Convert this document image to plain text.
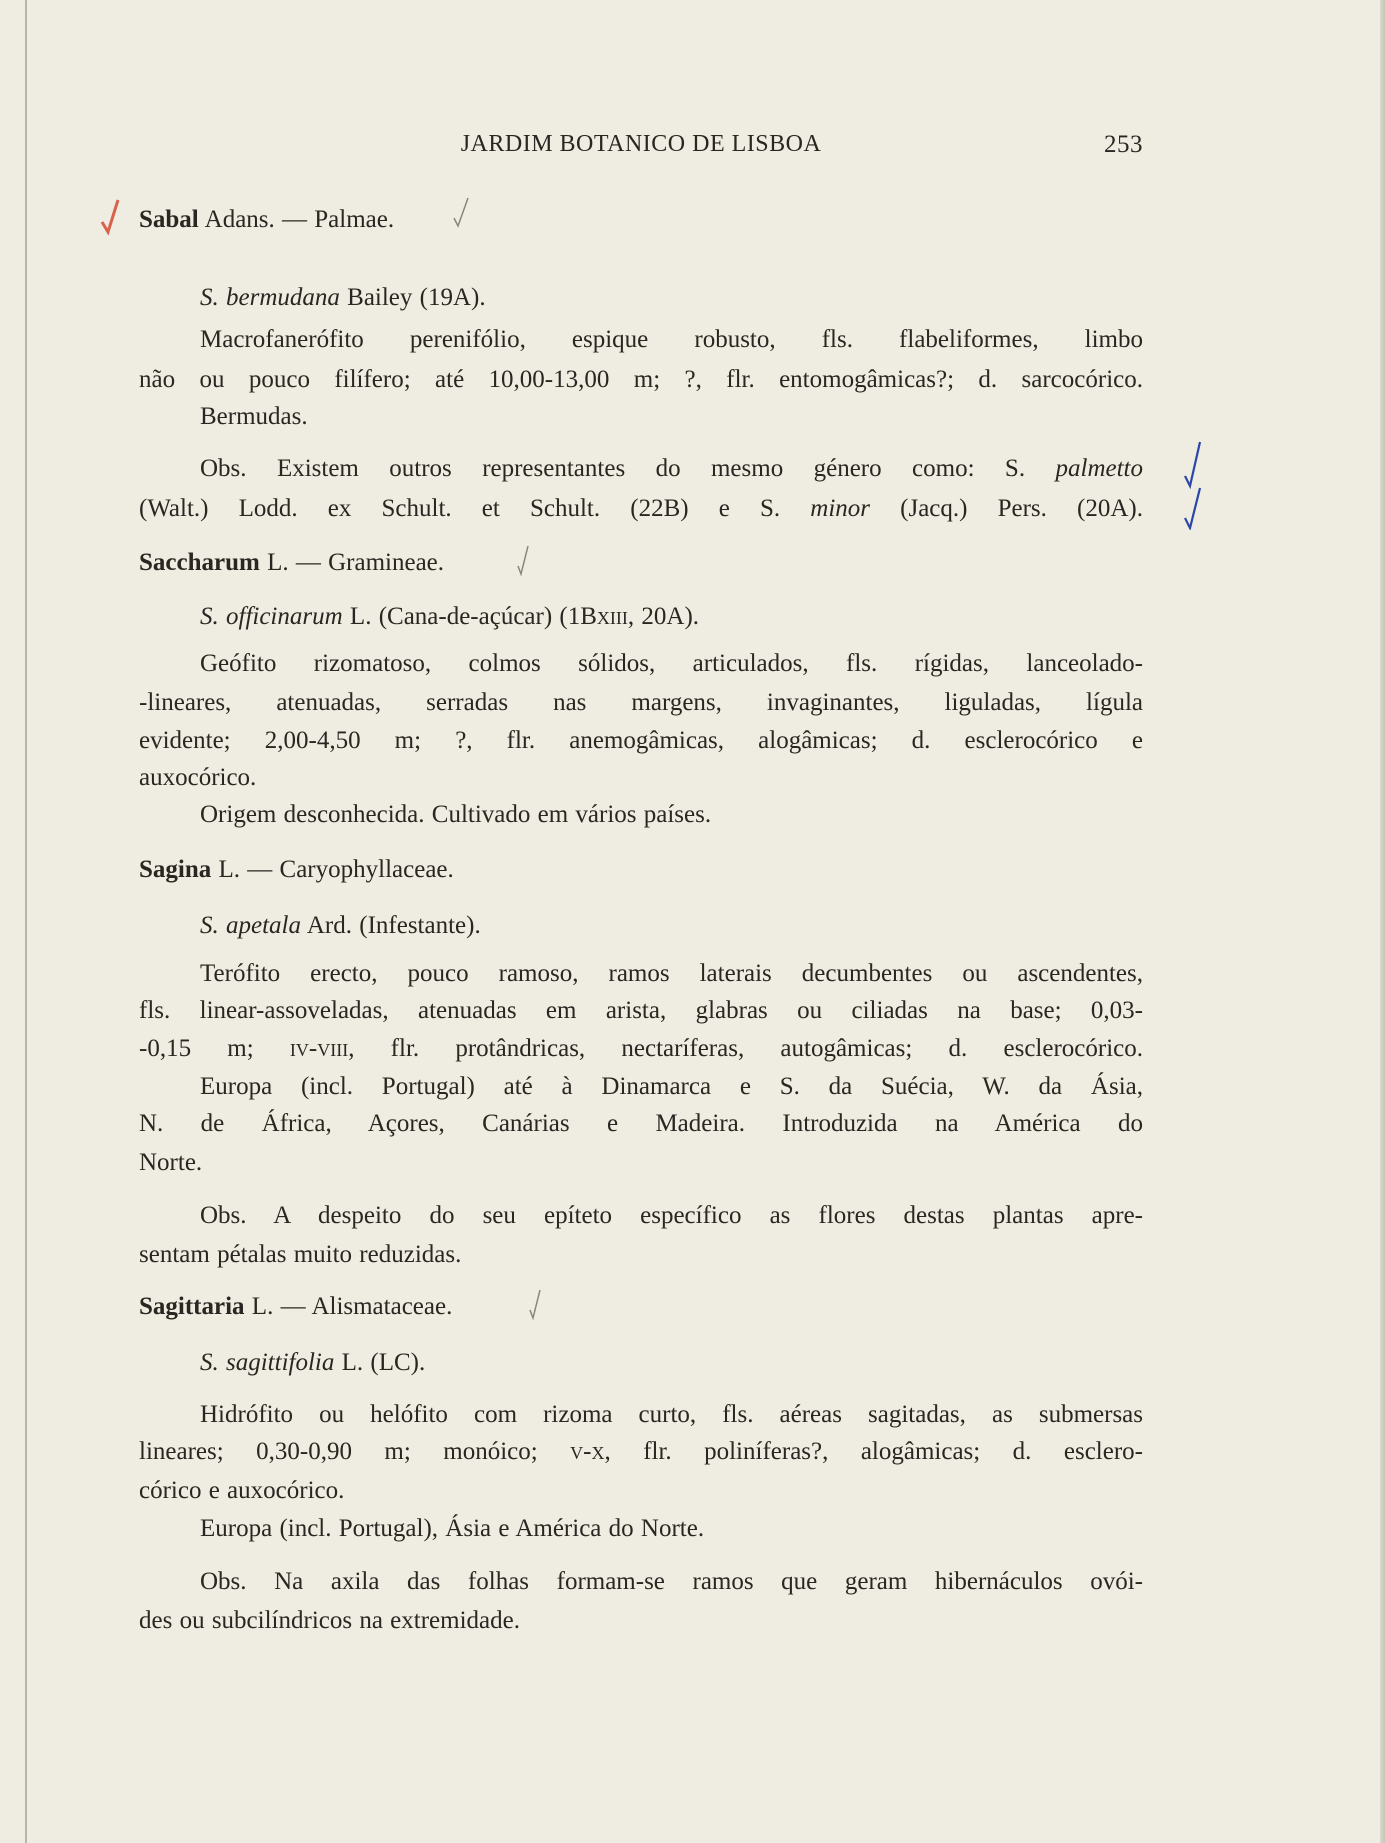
JARDIM BOTANICO DE LISBOA	253
Sabal Adans. — Palmae.
S. bermudana Bailey (19A).
Macrofanerófito perenifólio, espique robusto, fls. flabeliformes, limbo
não ou pouco filífero; até 10,00-13,00 m; ?, flr. entomogâmicas?; d. sarcocórico.
Bermudas.
Obs. Existem outros representantes do mesmo género como: S. palmetto
(Walt.) Lodd. ex Schult. et Schult. (22B) e S. minor (Jacq.) Pers. (20A).
Saccharum L. — Gramineae.
S. officinarum L. (Cana-de-açúcar) (1Bxiii, 20A).
Geófito rizomatoso, colmos sólidos, articulados, fls. rígidas, lanceolado-
-lineares, atenuadas, serradas nas margens, invaginantes, liguladas, lígula
evidente; 2,00-4,50 m; ?, flr. anemogâmicas, alogâmicas; d. esclerocórico e
auxocórico.
Origem desconhecida. Cultivado em vários países.
Sagina L. — Caryophyllaceae.
S. apetala Ard. (Infestante).
Terófito erecto, pouco ramoso, ramos laterais decumbentes ou ascendentes,
fls. linear-assoveladas, atenuadas em arista, glabras ou ciliadas na base; 0,03-
-0,15 m; iv-viii, flr. protândricas, nectaríferas, autogâmicas; d. esclerocórico.
Europa (incl. Portugal) até à Dinamarca e S. da Suécia, W. da Ásia,
N. de África, Açores, Canárias e Madeira. Introduzida na América do
Norte.
Obs. A despeito do seu epíteto específico as flores destas plantas apre-
sentam pétalas muito reduzidas.
Sagittaria L. — Alismataceae.
S. sagittifolia L. (LC).
Hidrófito ou helófito com rizoma curto, fls. aéreas sagitadas, as submersas
lineares; 0,30-0,90 m; monóico; v-x, flr. poliníferas?, alogâmicas; d. esclero-
córico e auxocórico.
Europa (incl. Portugal), Ásia e América do Norte.
Obs. Na axila das folhas formam-se ramos que geram hibernáculos ovói-
des ou subcilíndricos na extremidade.
